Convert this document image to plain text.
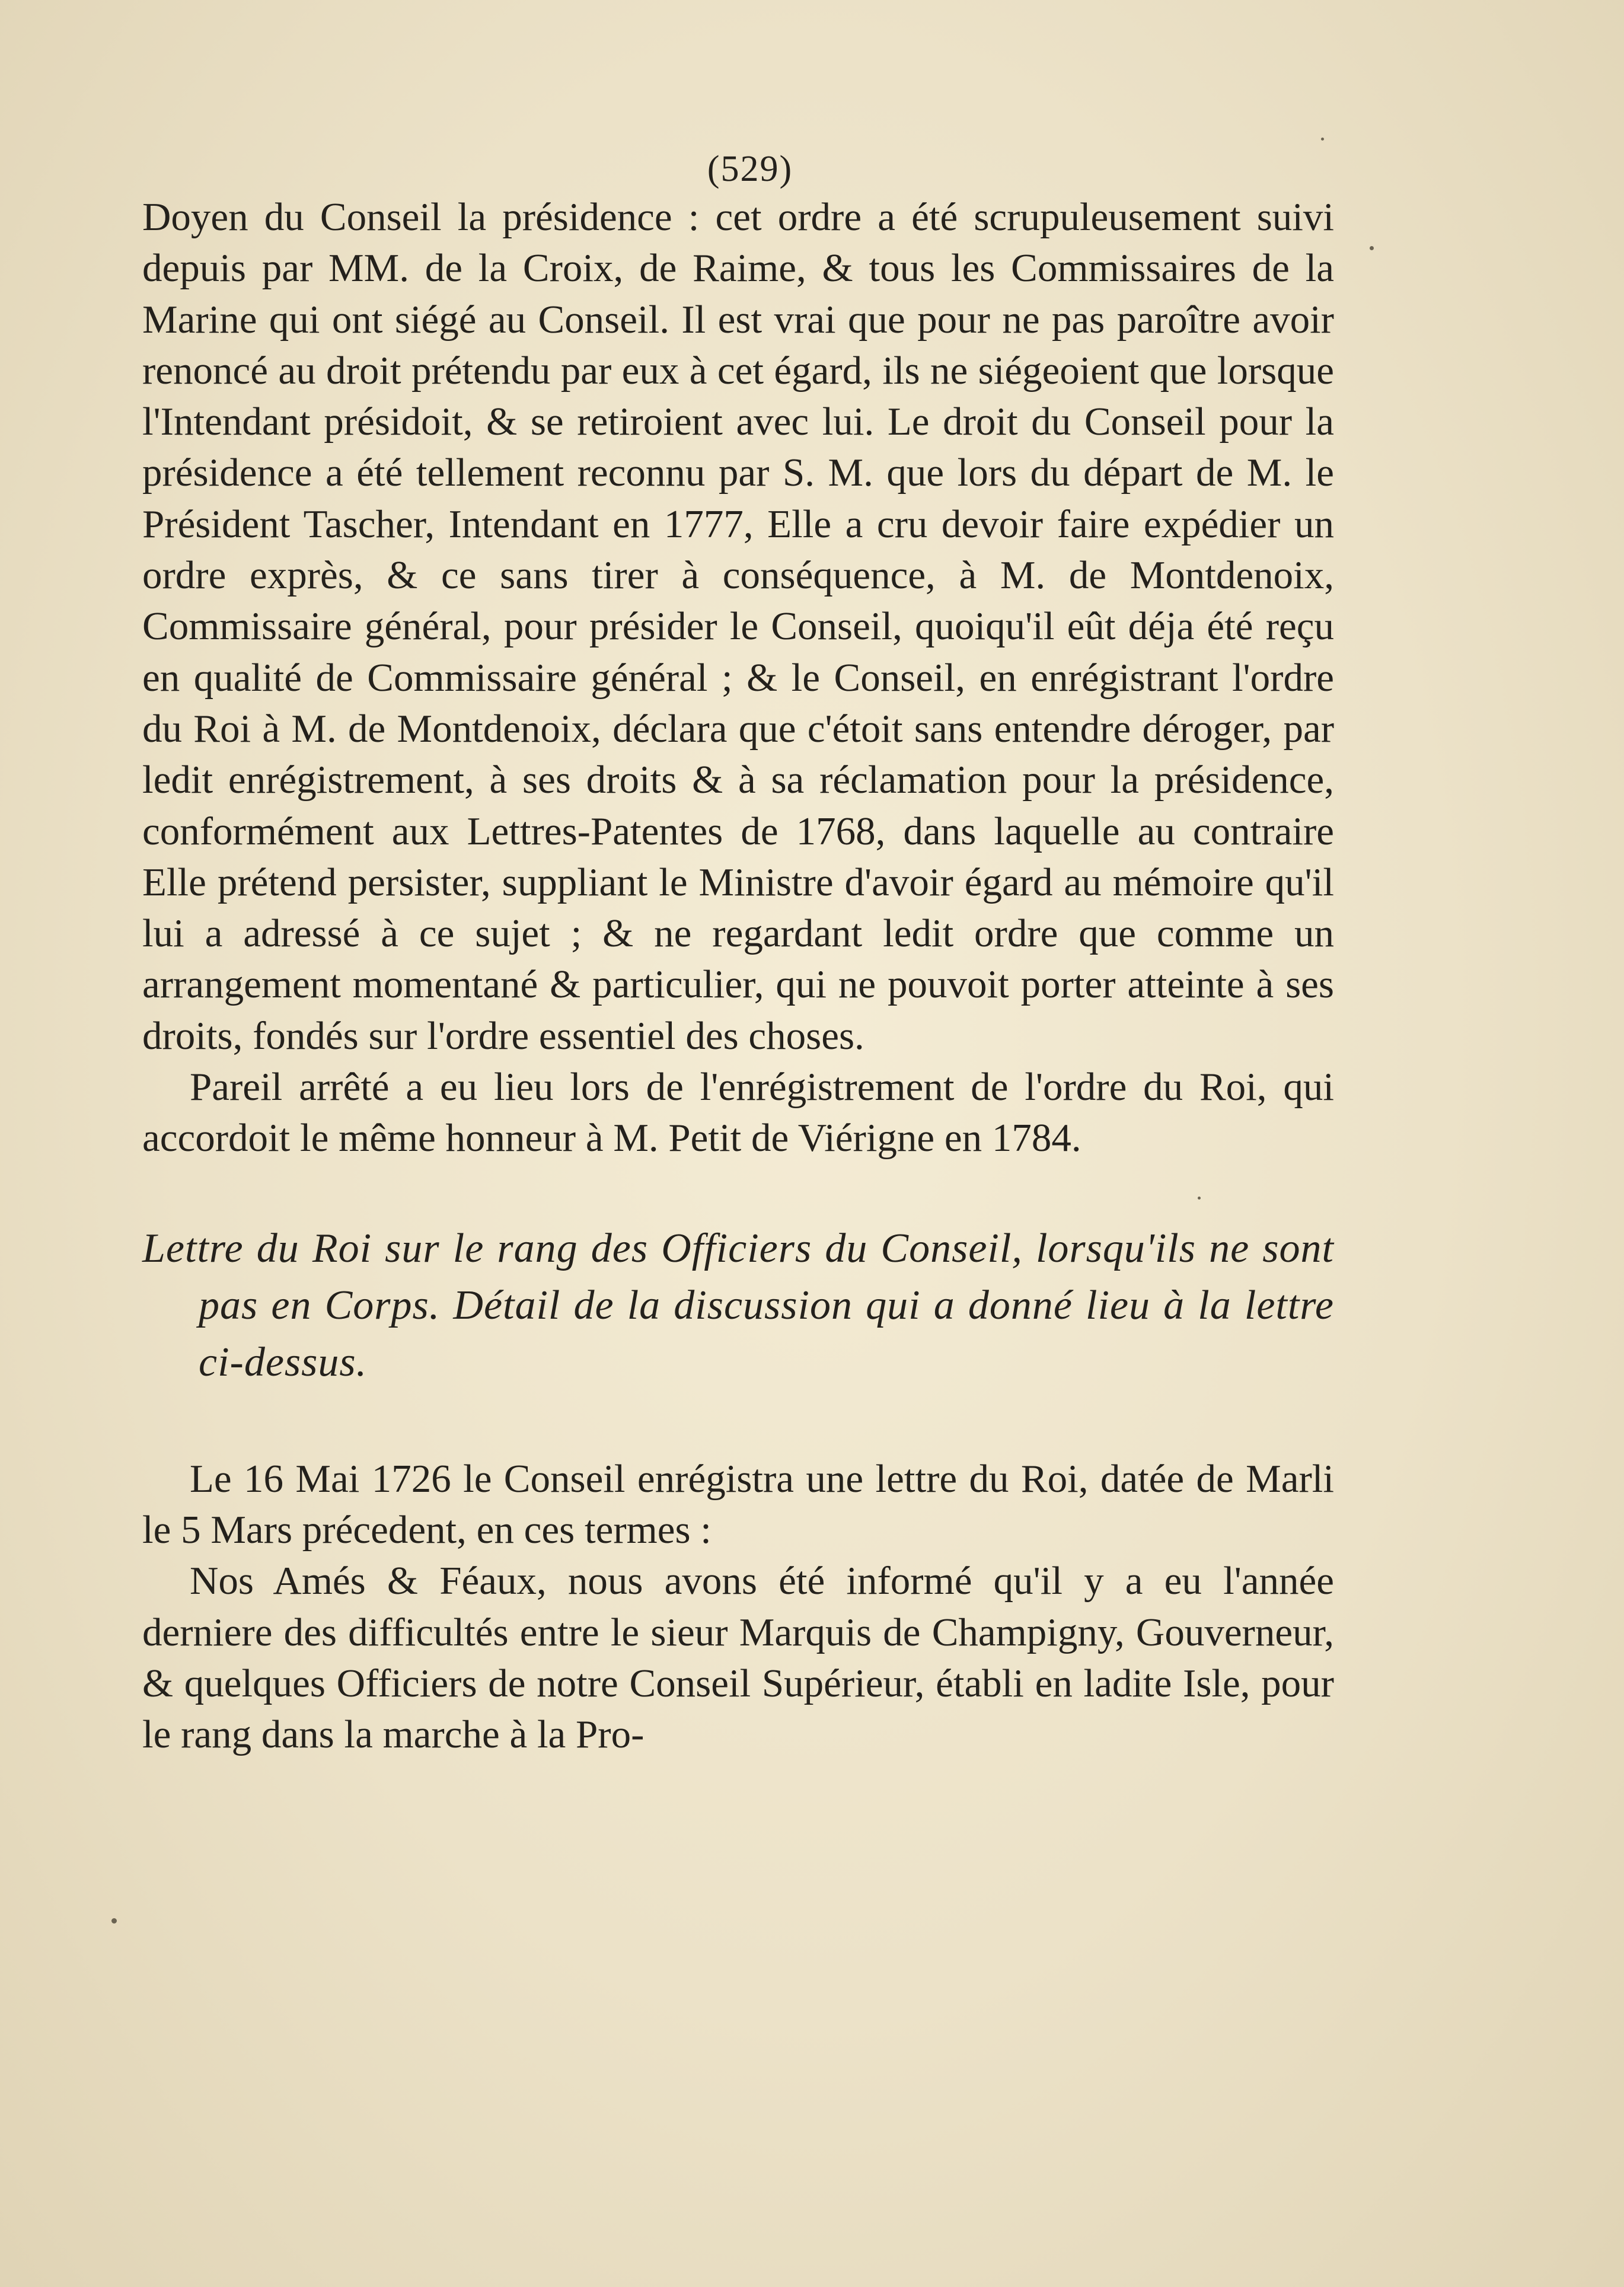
(529)

Doyen du Conseil la présidence : cet ordre a été scrupuleusement suivi depuis par MM. de la Croix, de Raime, & tous les Commissaires de la Marine qui ont siégé au Conseil. Il est vrai que pour ne pas paroître avoir renoncé au droit prétendu par eux à cet égard, ils ne siégeoient que lorsque l'Intendant présidoit, & se retiroient avec lui. Le droit du Conseil pour la présidence a été tellement reconnu par S. M. que lors du départ de M. le Président Tascher, Intendant en 1777, Elle a cru devoir faire expédier un ordre exprès, & ce sans tirer à conséquence, à M. de Montdenoix, Commissaire général, pour présider le Conseil, quoiqu'il eût déja été reçu en qualité de Commissaire général ; & le Conseil, en enrégistrant l'ordre du Roi à M. de Montdenoix, déclara que c'étoit sans entendre déroger, par ledit enrégistrement, à ses droits & à sa réclamation pour la présidence, conformément aux Lettres-Patentes de 1768, dans laquelle au contraire Elle prétend persister, suppliant le Ministre d'avoir égard au mémoire qu'il lui a adressé à ce sujet ; & ne regardant ledit ordre que comme un arrangement momentané & particulier, qui ne pouvoit porter atteinte à ses droits, fondés sur l'ordre essentiel des choses.

Pareil arrêté a eu lieu lors de l'enrégistrement de l'ordre du Roi, qui accordoit le même honneur à M. Petit de Viérigne en 1784.

Lettre du Roi sur le rang des Officiers du Conseil, lorsqu'ils ne sont pas en Corps. Détail de la discussion qui a donné lieu à la lettre ci-dessus.

Le 16 Mai 1726 le Conseil enrégistra une lettre du Roi, datée de Marli le 5 Mars précedent, en ces termes :

Nos Amés & Féaux, nous avons été informé qu'il y a eu l'année derniere des difficultés entre le sieur Marquis de Champigny, Gouverneur, & quelques Officiers de notre Conseil Supérieur, établi en ladite Isle, pour le rang dans la marche à la Pro-
